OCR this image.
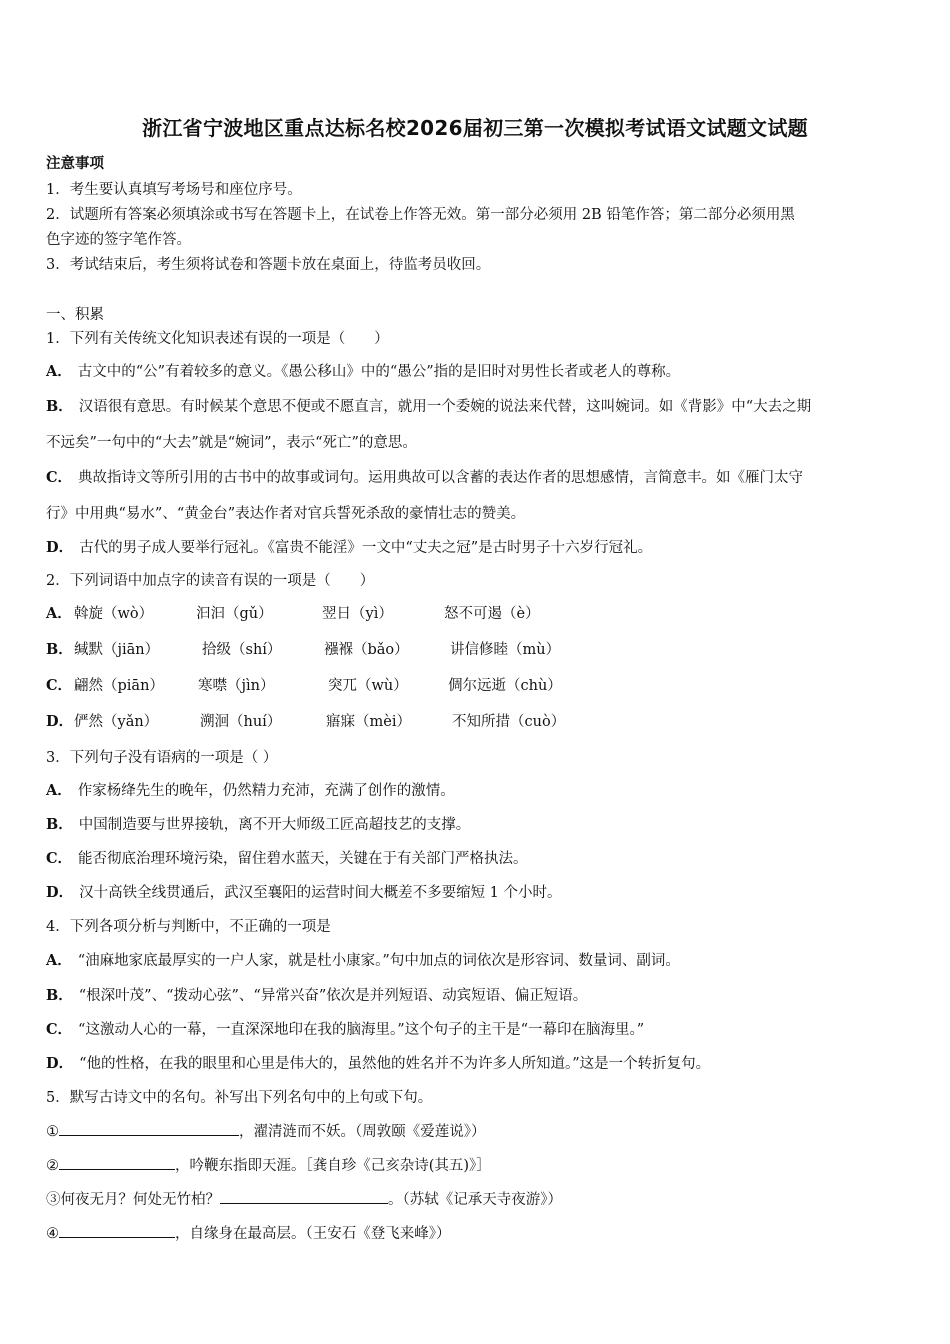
浙江省宁波地区重点达标名校2026届初三第一次模拟考试语文试题文试题
注意事项
1．考生要认真填写考场号和座位序号。
2．试题所有答案必须填涂或书写在答题卡上，在试卷上作答无效。第一部分必须用 2B 铅笔作答；第二部分必须用黑
色字迹的签字笔作答。
3．考试结束后，考生须将试卷和答题卡放在桌面上，待监考员收回。
一、积累
1．下列有关传统文化知识表述有误的一项是（　　）
A． 古文中的“公”有着较多的意义。《愚公移山》中的“愚公”指的是旧时对男性长者或老人的尊称。
B． 汉语很有意思。有时候某个意思不便或不愿直言，就用一个委婉的说法来代替，这叫婉词。如《背影》中“大去之期
不远矣”一句中的“大去”就是“婉词”，表示“死亡”的意思。
C． 典故指诗文等所引用的古书中的故事或词句。运用典故可以含蓄的表达作者的思想感情，言简意丰。如《雁门太守
行》中用典“易水”、“黄金台”表达作者对官兵誓死杀敌的豪情壮志的赞美。
D． 古代的男子成人要举行冠礼。《富贵不能淫》一文中“丈夫之冠”是古时男子十六岁行冠礼。
2．下列词语中加点字的读音有误的一项是（　　）
A． 斡旋（wò）	汩汩（gǔ）	翌日（yì）	怒不可遏（è）
B． 缄默（jiān）	拾级（shí）	襁褓（bǎo）	讲信修睦（mù）
C． 翩然（piān） 寒噤（jìn）	突兀（wù）	倜尔远逝（chù）
D． 俨然（yǎn）	溯洄（huí）	寤寐（mèi）	不知所措（cuò）
3．下列句子没有语病的一项是（ ）
A． 作家杨绛先生的晚年，仍然精力充沛，充满了创作的激情。
B． 中国制造要与世界接轨，离不开大师级工匠高超技艺的支撑。
C． 能否彻底治理环境污染，留住碧水蓝天，关键在于有关部门严格执法。
D． 汉十高铁全线贯通后，武汉至襄阳的运营时间大概差不多要缩短 1 个小时。
4．下列各项分析与判断中，不正确的一项是
A． “油麻地家底最厚实的一户人家，就是杜小康家。”句中加点的词依次是形容词、数量词、副词。
B． “根深叶茂”、“拨动心弦”、“异常兴奋”依次是并列短语、动宾短语、偏正短语。
C． “这激动人心的一幕，一直深深地印在我的脑海里。”这个句子的主干是“一幕印在脑海里。”
D． “他的性格，在我的眼里和心里是伟大的，虽然他的姓名并不为许多人所知道。”这是一个转折复句。
5．默写古诗文中的名句。补写出下列名句中的上句或下句。
①	，濯清涟而不妖。（周敦颐《爱莲说》）
②	，吟鞭东指即天涯。［龚自珍《己亥杂诗(其五)》］
③何夜无月？何处无竹柏？	。（苏轼《记承天寺夜游》）
④	，自缘身在最高层。（王安石《登飞来峰》）
